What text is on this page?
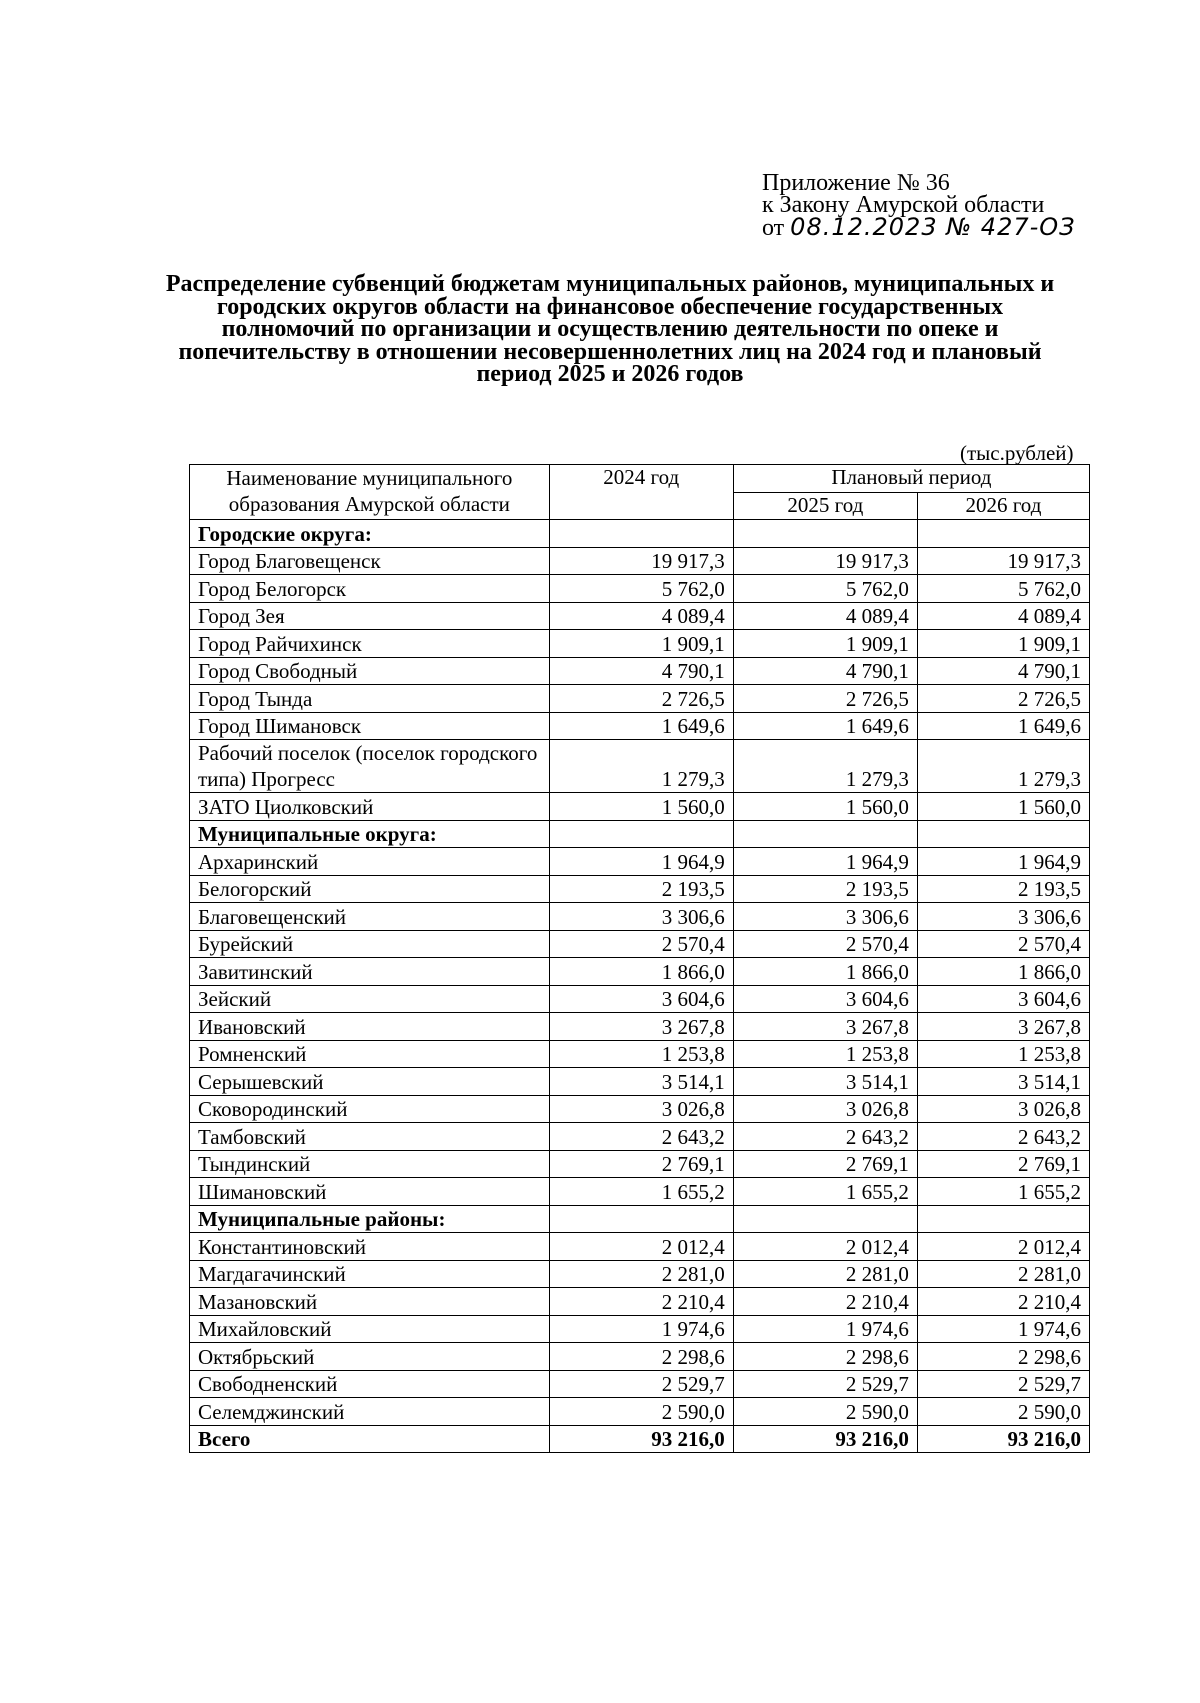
Приложение № 36
к Закону Амурской области
от 08.12.2023 № 427-ОЗ
Распределение субвенций бюджетам муниципальных районов, муниципальных и городских округов области на финансовое обеспечение государственных полномочий по организации и осуществлению деятельности по опеке и попечительству в отношении несовершеннолетних лиц на 2024 год и плановый период 2025 и 2026 годов
(тыс.рублей)
Наименование муниципального образования Амурской области	2024 год	Плановый период	
		2025 год	2026 год
Городские округа:			
Город Благовещенск	19 917,3	19 917,3	19 917,3
Город Белогорск	5 762,0	5 762,0	5 762,0
Город Зея	4 089,4	4 089,4	4 089,4
Город Райчихинск	1 909,1	1 909,1	1 909,1
Город Свободный	4 790,1	4 790,1	4 790,1
Город Тында	2 726,5	2 726,5	2 726,5
Город Шимановск	1 649,6	1 649,6	1 649,6
Рабочий поселок (поселок городского типа) Прогресс	1 279,3	1 279,3	1 279,3
ЗАТО Циолковский	1 560,0	1 560,0	1 560,0
Муниципальные округа:			
Архаринский	1 964,9	1 964,9	1 964,9
Белогорский	2 193,5	2 193,5	2 193,5
Благовещенский	3 306,6	3 306,6	3 306,6
Бурейский	2 570,4	2 570,4	2 570,4
Завитинский	1 866,0	1 866,0	1 866,0
Зейский	3 604,6	3 604,6	3 604,6
Ивановский	3 267,8	3 267,8	3 267,8
Ромненский	1 253,8	1 253,8	1 253,8
Серышевский	3 514,1	3 514,1	3 514,1
Сковородинский	3 026,8	3 026,8	3 026,8
Тамбовский	2 643,2	2 643,2	2 643,2
Тындинский	2 769,1	2 769,1	2 769,1
Шимановский	1 655,2	1 655,2	1 655,2
Муниципальные районы:			
Константиновский	2 012,4	2 012,4	2 012,4
Магдагачинский	2 281,0	2 281,0	2 281,0
Мазановский	2 210,4	2 210,4	2 210,4
Михайловский	1 974,6	1 974,6	1 974,6
Октябрьский	2 298,6	2 298,6	2 298,6
Свободненский	2 529,7	2 529,7	2 529,7
Селемджинский	2 590,0	2 590,0	2 590,0
Всего	93 216,0	93 216,0	93 216,0
